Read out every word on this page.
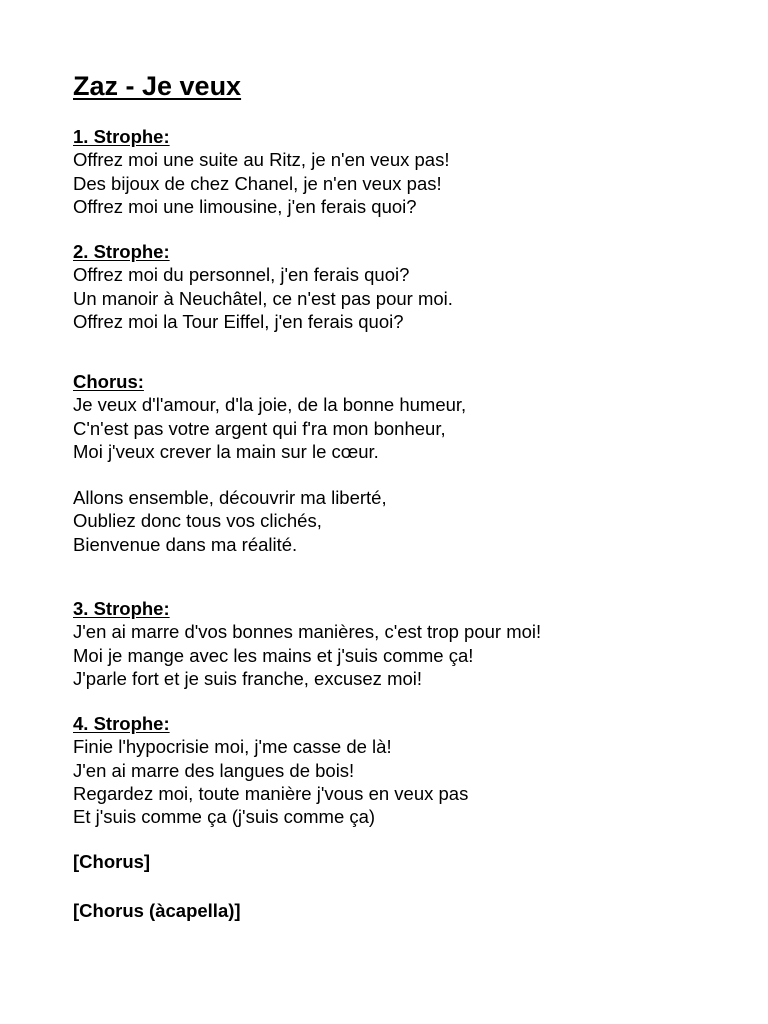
Zaz - Je veux
1. Strophe:
Offrez moi une suite au Ritz, je n'en veux pas!
Des bijoux de chez Chanel, je n'en veux pas!
Offrez moi une limousine, j'en ferais quoi?
2. Strophe:
Offrez moi du personnel, j'en ferais quoi?
Un manoir à Neuchâtel, ce n'est pas pour moi.
Offrez moi la Tour Eiffel, j'en ferais quoi?
Chorus:
Je veux d'l'amour, d'la joie, de la bonne humeur,
C'n'est pas votre argent qui f'ra mon bonheur,
Moi j'veux crever la main sur le cœur.
Allons ensemble, découvrir ma liberté,
Oubliez donc tous vos clichés,
Bienvenue dans ma réalité.
3. Strophe:
J'en ai marre d'vos bonnes manières, c'est trop pour moi!
Moi je mange avec les mains et j'suis comme ça!
J'parle fort et je suis franche, excusez moi!
4. Strophe:
Finie l'hypocrisie moi, j'me casse de là!
J'en ai marre des langues de bois!
Regardez moi, toute manière j'vous en veux pas
Et j'suis comme ça (j'suis comme ça)
[Chorus]
[Chorus (àcapella)]
